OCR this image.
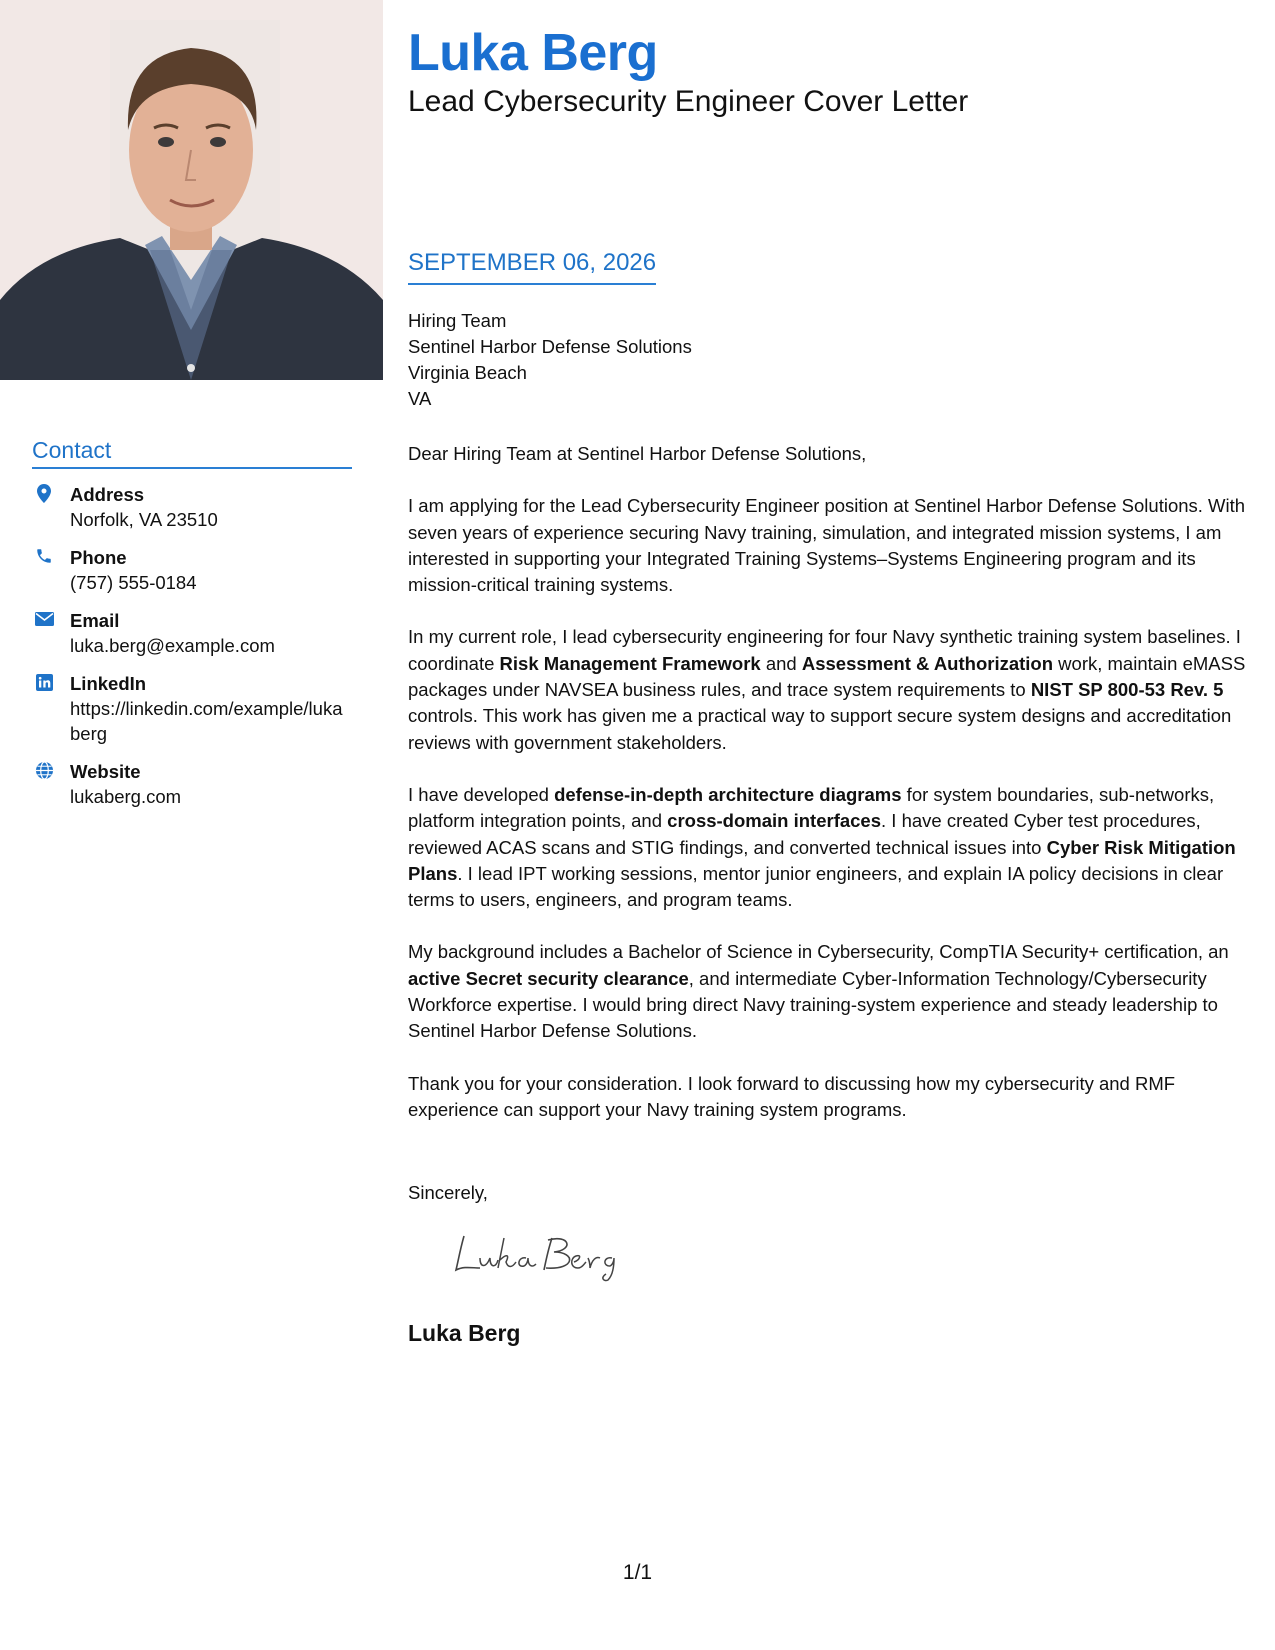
Contact
Address
Norfolk, VA 23510
Phone
(757) 555-0184
Email
luka.berg@example.com
LinkedIn
https://linkedin.com/example/lukaberg
Website
lukaberg.com
Luka Berg
Lead Cybersecurity Engineer Cover Letter
SEPTEMBER 06, 2026
Hiring Team
Sentinel Harbor Defense Solutions
Virginia Beach
VA

Dear Hiring Team at Sentinel Harbor Defense Solutions,

I am applying for the Lead Cybersecurity Engineer position at Sentinel Harbor Defense Solutions. With seven years of experience securing Navy training, simulation, and integrated mission systems, I am interested in supporting your Integrated Training Systems–Systems Engineering program and its mission-critical training systems.

In my current role, I lead cybersecurity engineering for four Navy synthetic training system baselines. I coordinate Risk Management Framework and Assessment & Authorization work, maintain eMASS packages under NAVSEA business rules, and trace system requirements to NIST SP 800-53 Rev. 5 controls. This work has given me a practical way to support secure system designs and accreditation reviews with government stakeholders.

I have developed defense-in-depth architecture diagrams for system boundaries, sub-networks, platform integration points, and cross-domain interfaces. I have created Cyber test procedures, reviewed ACAS scans and STIG findings, and converted technical issues into Cyber Risk Mitigation Plans. I lead IPT working sessions, mentor junior engineers, and explain IA policy decisions in clear terms to users, engineers, and program teams.

My background includes a Bachelor of Science in Cybersecurity, CompTIA Security+ certification, an active Secret security clearance, and intermediate Cyber-Information Technology/Cybersecurity Workforce expertise. I would bring direct Navy training-system experience and steady leadership to Sentinel Harbor Defense Solutions.

Thank you for your consideration. I look forward to discussing how my cybersecurity and RMF experience can support your Navy training system programs.

Sincerely,
Luka Berg
1/1
